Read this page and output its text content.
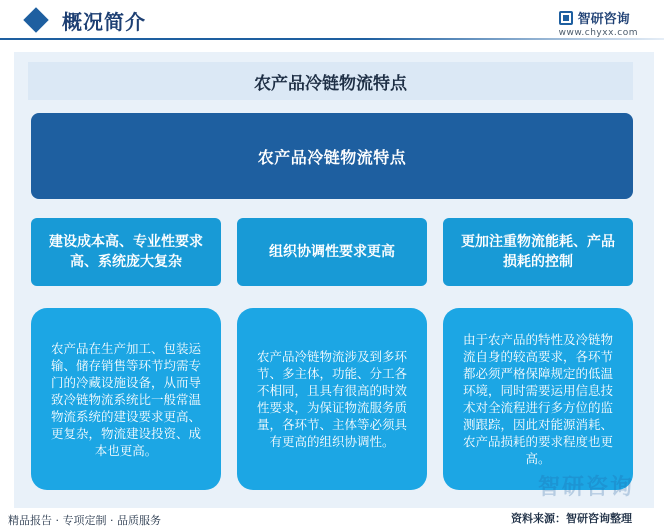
概况简介	智研咨询
www.chyxx.com
农产品冷链物流特点
农产品冷链物流特点
建设成本高、专业性要求高、系统庞大复杂
组织协调性要求更高
更加注重物流能耗、产品损耗的控制

农产品在生产加工、包装运输、储存销售等环节均需专门的冷藏设施设备，从而导致冷链物流系统比一般常温物流系统的建设要求更高、更复杂，物流建设投资、成本也更高。

农产品冷链物流涉及到多环节、多主体，功能、分工各不相同，且具有很高的时效性要求，为保证物流服务质量，各环节、主体等必须具有更高的组织协调性。

由于农产品的特性及冷链物流自身的较高要求，各环节都必须严格保障规定的低温环境，同时需要运用信息技术对全流程进行多方位的监测跟踪，因此对能源消耗、农产品损耗的要求程度也更高。

智研咨询
精品报告 · 专项定制 · 品质服务	资料来源：智研咨询整理
